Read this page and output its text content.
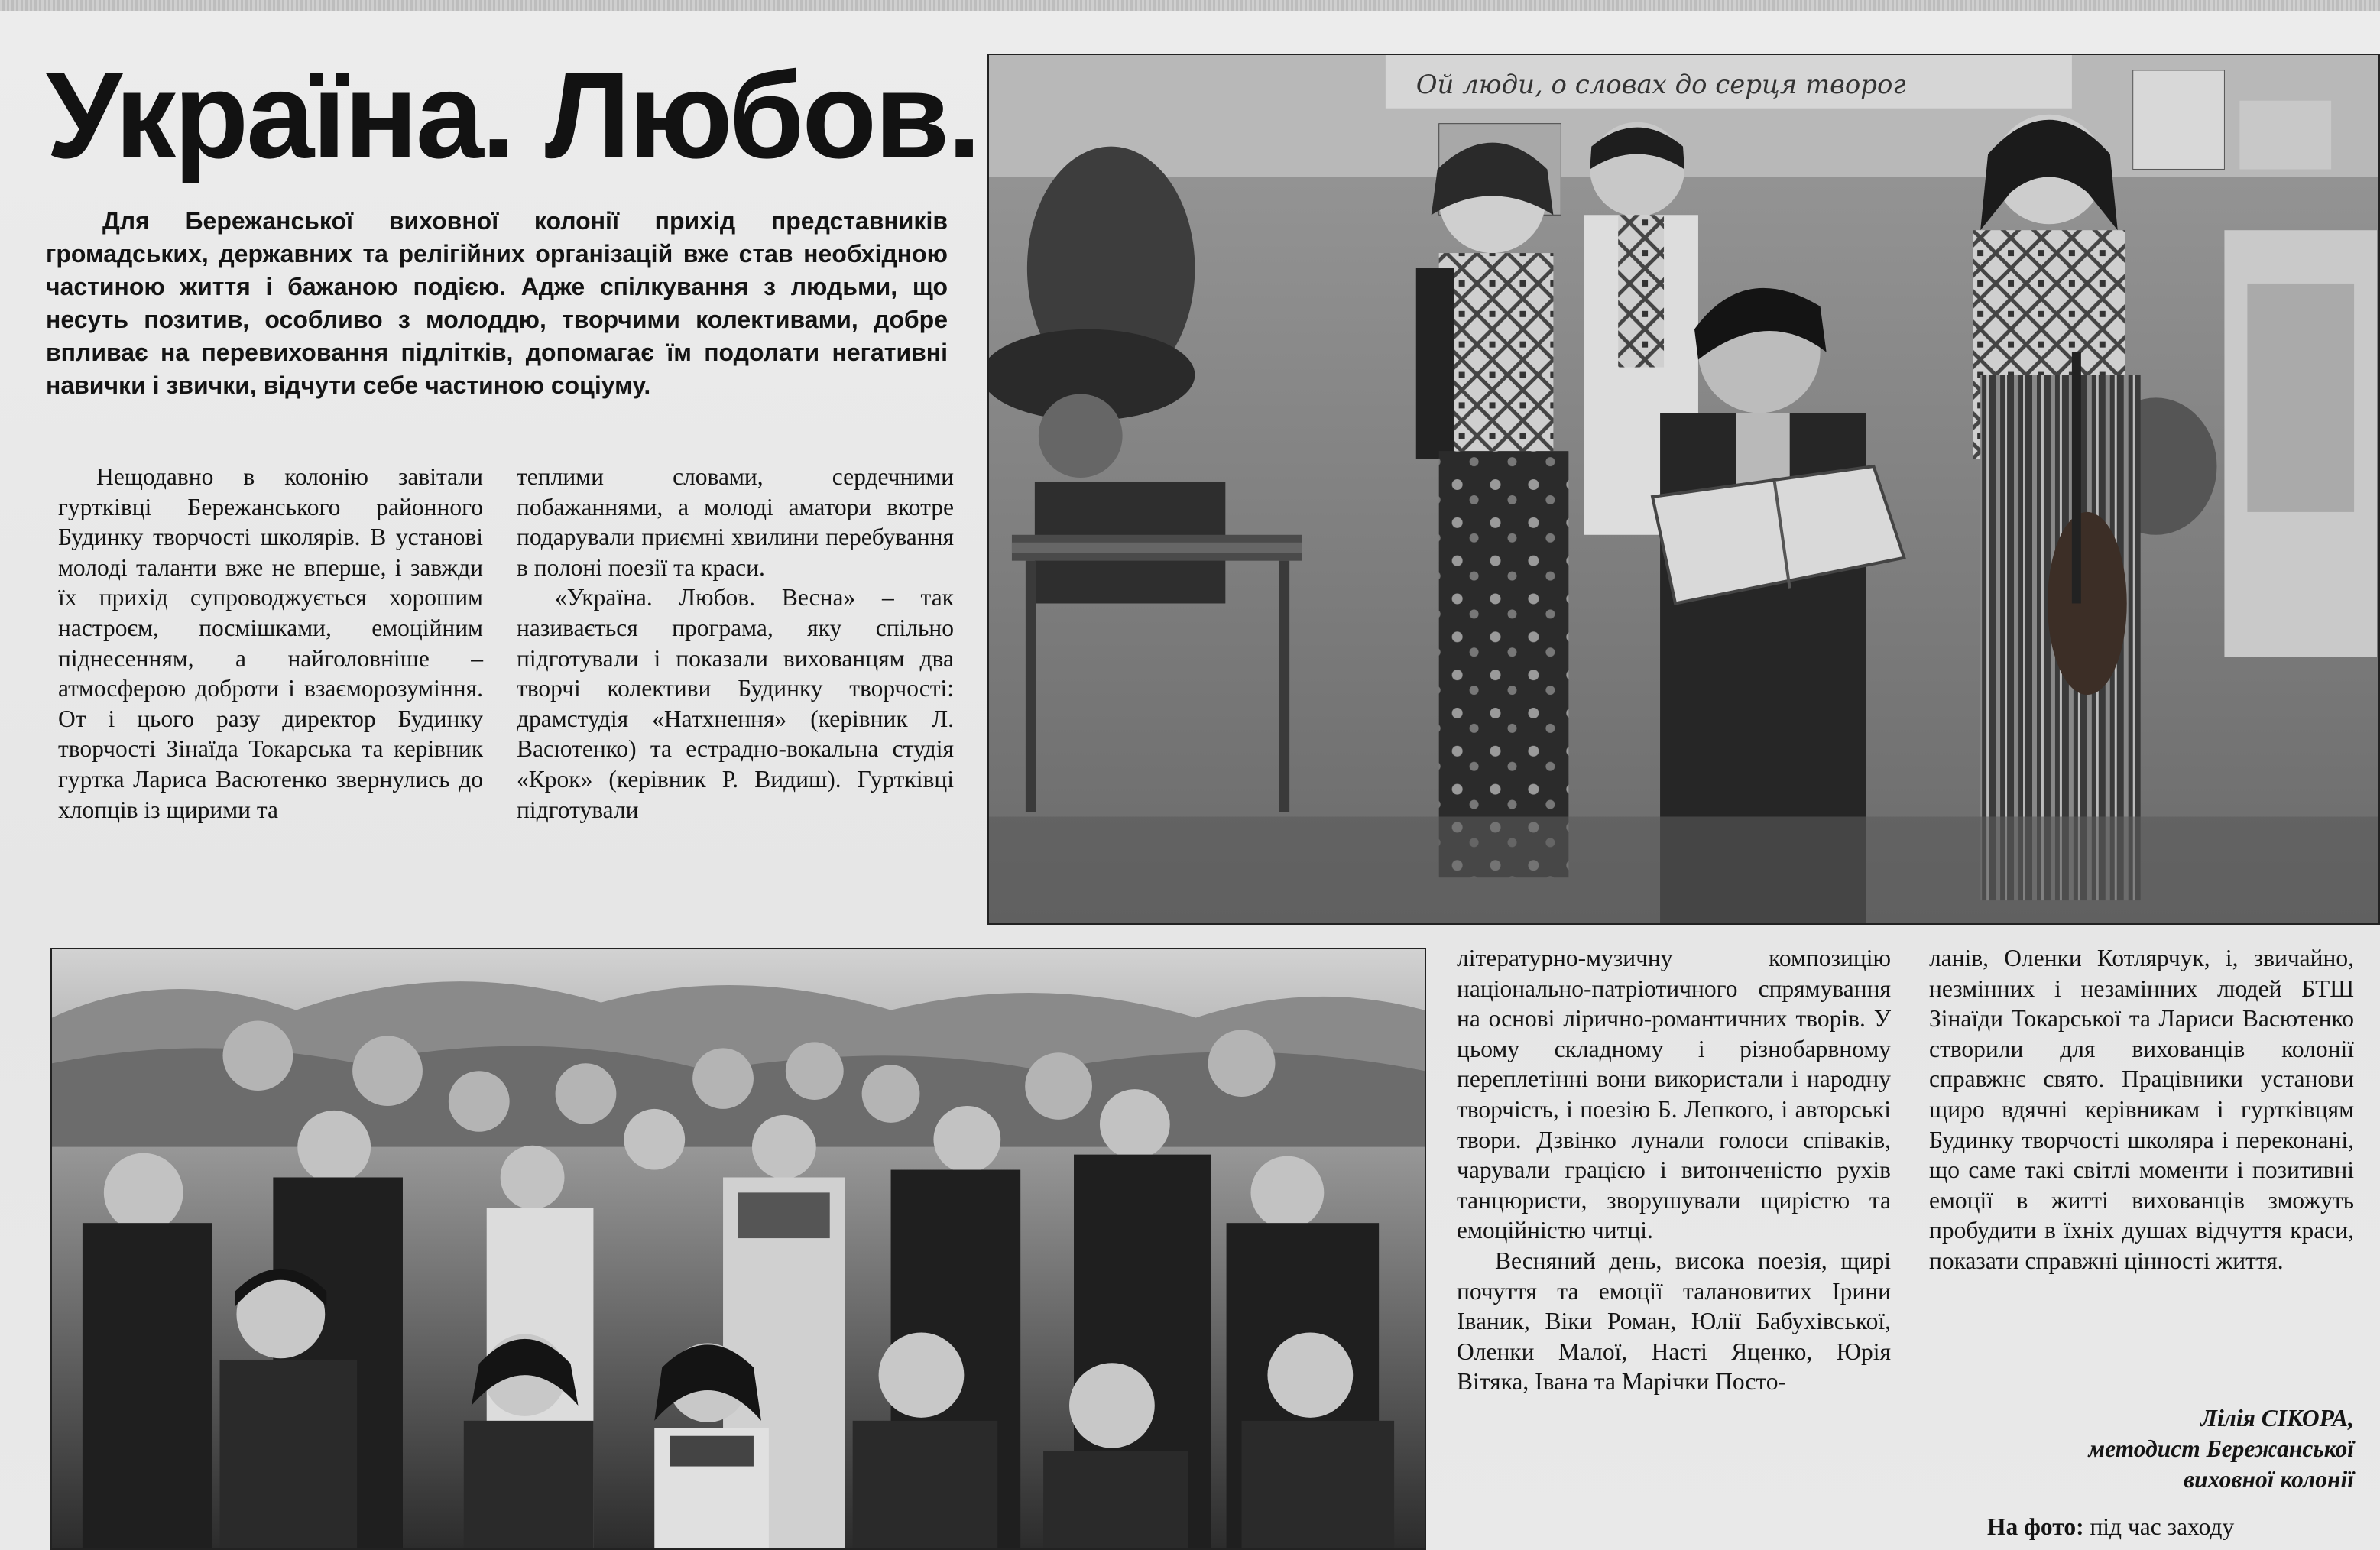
Україна. Любов.	Ой люди, о словах до серця творог

Для Бережанської виховної колонії прихід представників громадських, державних та релігійних організацій вже став необхідною частиною життя і бажаною подією. Адже спілкування з людьми, що несуть позитив, особливо з молоддю, творчими колективами, добре впливає на перевиховання підлітків, допомагає їм подолати негативні навички і звички, відчути себе частиною соціуму.

Нещодавно в колонію завітали гуртківці Бережанського районного Будинку творчості школярів. В установі молоді таланти вже не вперше, і завжди їх прихід супроводжується хорошим настроєм, посмішками, емоційним піднесенням, а найголовніше – атмосферою доброти і взаєморозуміння. От і цього разу директор Будинку творчості Зінаїда Токарська та керівник гуртка Лариса Васютенко звернулись до хлопців із щирими та

теплими словами, сердечними побажаннями, а молоді аматори вкотре подарували приємні хвилини перебування в полоні поезії та краси.

«Україна. Любов. Весна» – так називається програма, яку спільно підготували і показали вихованцям два творчі колективи Будинку творчості: драмстудія «Натхнення» (керівник Л. Васютенко) та естрадно-вокальна студія «Крок» (керівник Р. Видиш). Гуртківці підготували

літературно-музичну композицію національно-патріотичного спрямування на основі лірично-романтичних творів. У цьому складному і різнобарвному переплетінні вони використали і народну творчість, і поезію Б. Лепкого, і авторські твори. Дзвінко лунали голоси співаків, чарували грацією і витонченістю рухів танцюристи, зворушували щирістю та емоційністю читці.

Весняний день, висока поезія, щирі почуття та емоції талановитих Ірини Іваник, Віки Роман, Юлії Бабухівської, Оленки Малої, Насті Яценко, Юрія Вітяка, Івана та Марічки Посто-

ланів, Оленки Котлярчук, і, звичайно, незмінних і незамінних людей БТШ Зінаїди Токарської та Лариси Васютенко створили для вихованців колонії справжнє свято. Працівники установи щиро вдячні керівникам і гуртківцям Будинку творчості школяра і переконані, що саме такі світлі моменти і позитивні емоції в житті вихованців зможуть пробудити в їхніх душах відчуття краси, показати справжні цінності життя.

Лілія СІКОРА,
методист Бережанської
виховної колонії
На фото: під час заходу
